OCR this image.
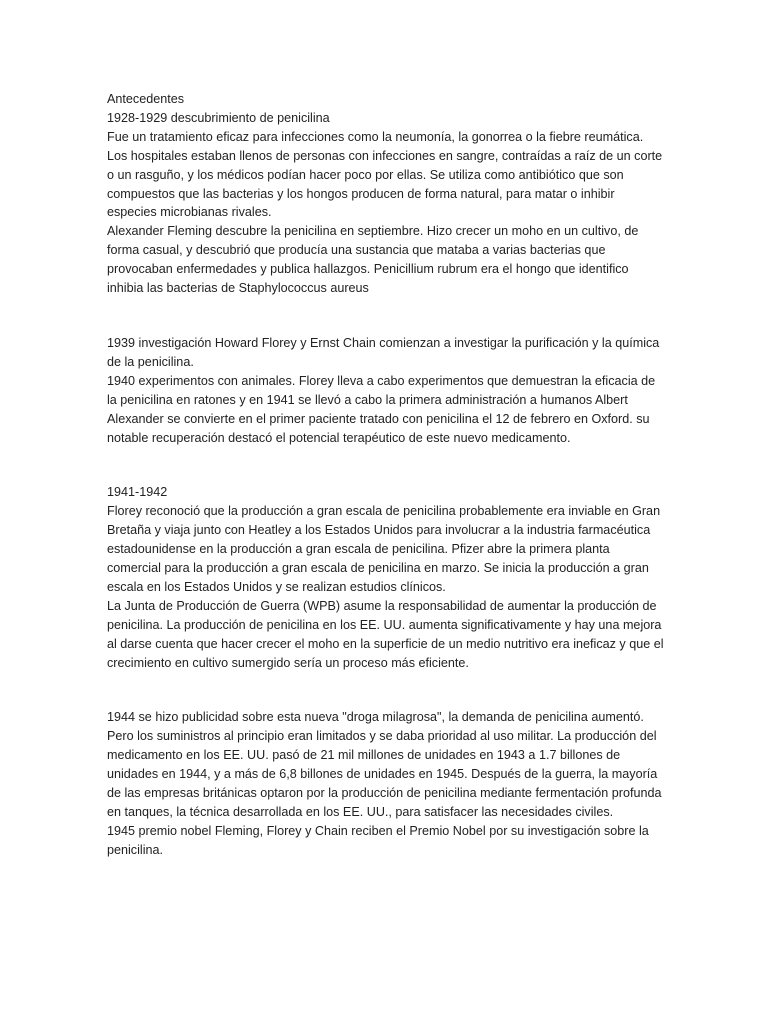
Antecedentes

1928-1929 descubrimiento de penicilina

Fue un tratamiento eficaz para infecciones como la neumonía, la gonorrea o la fiebre reumática. Los hospitales estaban llenos de personas con infecciones en sangre, contraídas a raíz de un corte o un rasguño, y los médicos podían hacer poco por ellas. Se utiliza como antibiótico que son compuestos que las bacterias y los hongos producen de forma natural, para matar o inhibir especies microbianas rivales.

Alexander Fleming descubre la penicilina en septiembre. Hizo crecer un moho en un cultivo, de forma casual, y descubrió que producía una sustancia que mataba a varias bacterias que provocaban enfermedades y publica hallazgos. Penicillium rubrum era el hongo que identifico inhibia las bacterias de Staphylococcus aureus

1939 investigación Howard Florey y Ernst Chain comienzan a investigar la purificación y la química de la penicilina.

1940 experimentos con animales. Florey lleva a cabo experimentos que demuestran la eficacia de la penicilina en ratones y en 1941 se llevó a cabo la primera administración a humanos Albert Alexander se convierte en el primer paciente tratado con penicilina el 12 de febrero en Oxford. su notable recuperación destacó el potencial terapéutico de este nuevo medicamento.

1941-1942

Florey reconoció que la producción a gran escala de penicilina probablemente era inviable en Gran Bretaña y viaja junto con Heatley a los Estados Unidos para involucrar a la industria farmacéutica estadounidense en la producción a gran escala de penicilina. Pfizer abre la primera planta comercial para la producción a gran escala de penicilina en marzo. Se inicia la producción a gran escala en los Estados Unidos y se realizan estudios clínicos.

La Junta de Producción de Guerra (WPB) asume la responsabilidad de aumentar la producción de penicilina. La producción de penicilina en los EE. UU. aumenta significativamente y hay una mejora al darse cuenta que hacer crecer el moho en la superficie de un medio nutritivo era ineficaz y que el crecimiento en cultivo sumergido sería un proceso más eficiente.

1944 se hizo publicidad sobre esta nueva "droga milagrosa", la demanda de penicilina aumentó. Pero los suministros al principio eran limitados y se daba prioridad al uso militar. La producción del medicamento en los EE. UU. pasó de 21 mil millones de unidades en 1943 a 1.7 billones de unidades en 1944, y a más de 6,8 billones de unidades en 1945. Después de la guerra, la mayoría de las empresas británicas optaron por la producción de penicilina mediante fermentación profunda en tanques, la técnica desarrollada en los EE. UU., para satisfacer las necesidades civiles.

1945 premio nobel Fleming, Florey y Chain reciben el Premio Nobel por su investigación sobre la penicilina.
